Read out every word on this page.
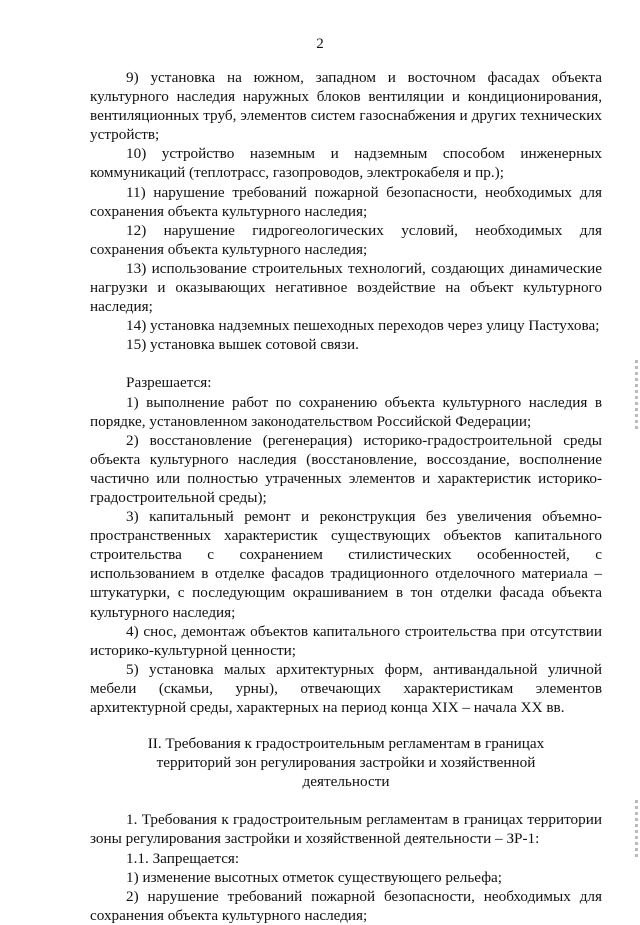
2

9) установка на южном, западном и восточном фасадах объекта культурного наследия наружных блоков вентиляции и кондиционирования, вентиляционных труб, элементов систем газоснабжения и других технических устройств;

10) устройство наземным и надземным способом инженерных коммуникаций (теплотрасс, газопроводов, электрокабеля и пр.);

11) нарушение требований пожарной безопасности, необходимых для сохранения объекта культурного наследия;

12) нарушение гидрогеологических условий, необходимых для сохранения объекта культурного наследия;

13) использование строительных технологий, создающих динамические нагрузки и оказывающих негативное воздействие на объект культурного наследия;

14) установка надземных пешеходных переходов через улицу Пастухова;

15) установка вышек сотовой связи.

Разрешается:

1) выполнение работ по сохранению объекта культурного наследия в порядке, установленном законодательством Российской Федерации;

2) восстановление (регенерация) историко-градостроительной среды объекта культурного наследия (восстановление, воссоздание, восполнение частично или полностью утраченных элементов и характеристик историко-градостроительной среды);

3) капитальный ремонт и реконструкция без увеличения объемно-пространственных характеристик существующих объектов капитального строительства с сохранением стилистических особенностей, с использованием в отделке фасадов традиционного отделочного материала – штукатурки, с последующим окрашиванием в тон отделки фасада объекта культурного наследия;

4) снос, демонтаж объектов капитального строительства при отсутствии историко-культурной ценности;

5) установка малых архитектурных форм, антивандальной уличной мебели (скамьи, урны), отвечающих характеристикам элементов архитектурной среды, характерных на период конца XIX – начала XX вв.

II. Требования к градостроительным регламентам в границах территорий зон регулирования застройки и хозяйственной деятельности

1. Требования к градостроительным регламентам в границах территории зоны регулирования застройки и хозяйственной деятельности – ЗР-1:

1.1. Запрещается:

1) изменение высотных отметок существующего рельефа;

2) нарушение требований пожарной безопасности, необходимых для сохранения объекта культурного наследия;
